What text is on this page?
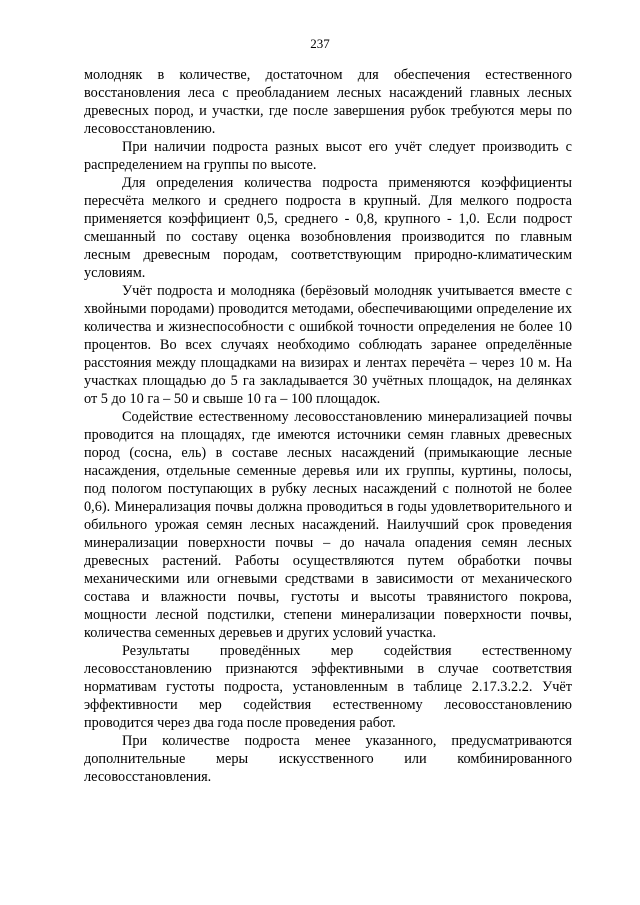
237

молодняк в количестве, достаточном для обеспечения естественного восстановления леса с преобладанием лесных насаждений главных лесных древесных пород, и участки, где после завершения рубок требуются меры по лесовосстановлению.

При наличии подроста разных высот его учёт следует производить с распределением на группы по высоте.

Для определения количества подроста применяются коэффициенты пересчёта мелкого и среднего подроста в крупный. Для мелкого подроста применяется коэффициент 0,5, среднего - 0,8, крупного - 1,0. Если подрост смешанный по составу оценка возобновления производится по главным лесным древесным породам, соответствующим природно-климатическим условиям.

Учёт подроста и молодняка (берёзовый молодняк учитывается вместе с хвойными породами) проводится методами, обеспечивающими определение их количества и жизнеспособности с ошибкой точности определения не более 10 процентов. Во всех случаях необходимо соблюдать заранее определённые расстояния между площадками на визирах и лентах перечёта – через 10 м. На участках площадью до 5 га закладывается 30 учётных площадок, на делянках от 5 до 10 га – 50 и свыше 10 га – 100 площадок.

Содействие естественному лесовосстановлению минерализацией почвы проводится на площадях, где имеются источники семян главных древесных пород (сосна, ель) в составе лесных насаждений (примыкающие лесные насаждения, отдельные семенные деревья или их группы, куртины, полосы, под пологом поступающих в рубку лесных насаждений с полнотой не более 0,6). Минерализация почвы должна проводиться в годы удовлетворительного и обильного урожая семян лесных насаждений. Наилучший срок проведения минерализации поверхности почвы – до начала опадения семян лесных древесных растений. Работы осуществляются путем обработки почвы механическими или огневыми средствами в зависимости от механического состава и влажности почвы, густоты и высоты травянистого покрова, мощности лесной подстилки, степени минерализации поверхности почвы, количества семенных деревьев и других условий участка.

Результаты проведённых мер содействия естественному лесовосстановлению признаются эффективными в случае соответствия нормативам густоты подроста, установленным в таблице 2.17.3.2.2. Учёт эффективности мер содействия естественному лесовосстановлению проводится через два года после проведения работ.

При количестве подроста менее указанного, предусматриваются дополнительные меры искусственного или комбинированного лесовосстановления.
